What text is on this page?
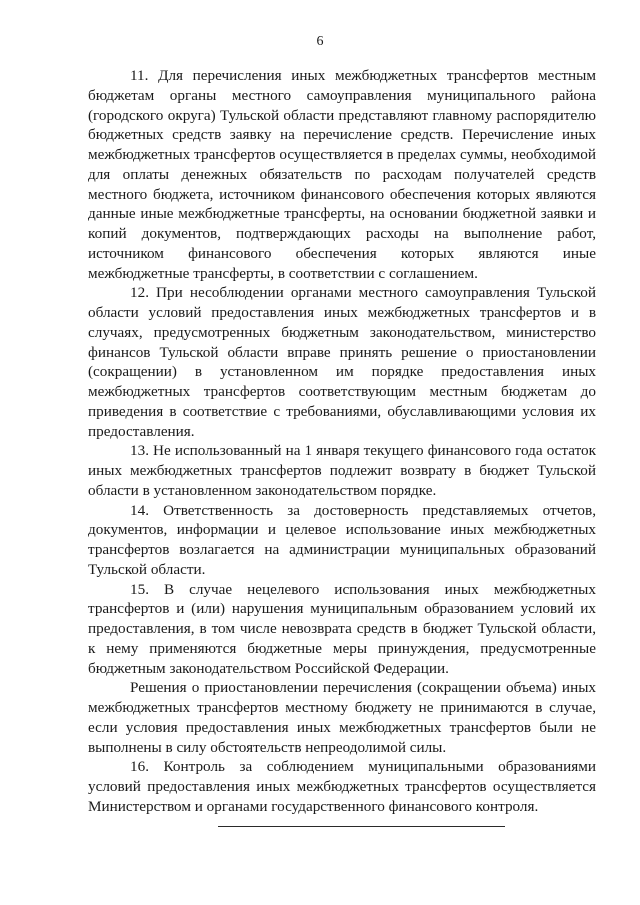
6

11. Для перечисления иных межбюджетных трансфертов местным бюджетам органы местного самоуправления муниципального района (городского округа) Тульской области представляют главному распорядителю бюджетных средств заявку на перечисление средств. Перечисление иных межбюджетных трансфертов осуществляется в пределах суммы, необходимой для оплаты денежных обязательств по расходам получателей средств местного бюджета, источником финансового обеспечения которых являются данные иные межбюджетные трансферты, на основании бюджетной заявки и копий документов, подтверждающих расходы на выполнение работ, источником финансового обеспечения которых являются иные межбюджетные трансферты, в соответствии с соглашением.

12. При несоблюдении органами местного самоуправления Тульской области условий предоставления иных межбюджетных трансфертов и в случаях, предусмотренных бюджетным законодательством, министерство финансов Тульской области вправе принять решение о приостановлении (сокращении) в установленном им порядке предоставления иных межбюджетных трансфертов соответствующим местным бюджетам до приведения в соответствие с требованиями, обуславливающими условия их предоставления.

13. Не использованный на 1 января текущего финансового года остаток иных межбюджетных трансфертов подлежит возврату в бюджет Тульской области в установленном законодательством порядке.

14. Ответственность за достоверность представляемых отчетов, документов, информации и целевое использование иных межбюджетных трансфертов возлагается на администрации муниципальных образований Тульской области.

15. В случае нецелевого использования иных межбюджетных трансфертов и (или) нарушения муниципальным образованием условий их предоставления, в том числе невозврата средств в бюджет Тульской области, к нему применяются бюджетные меры принуждения, предусмотренные бюджетным законодательством Российской Федерации.

Решения о приостановлении перечисления (сокращении объема) иных межбюджетных трансфертов местному бюджету не принимаются в случае, если условия предоставления иных межбюджетных трансфертов были не выполнены в силу обстоятельств непреодолимой силы.

16. Контроль за соблюдением муниципальными образованиями условий предоставления иных межбюджетных трансфертов осуществляется Министерством и органами государственного финансового контроля.
